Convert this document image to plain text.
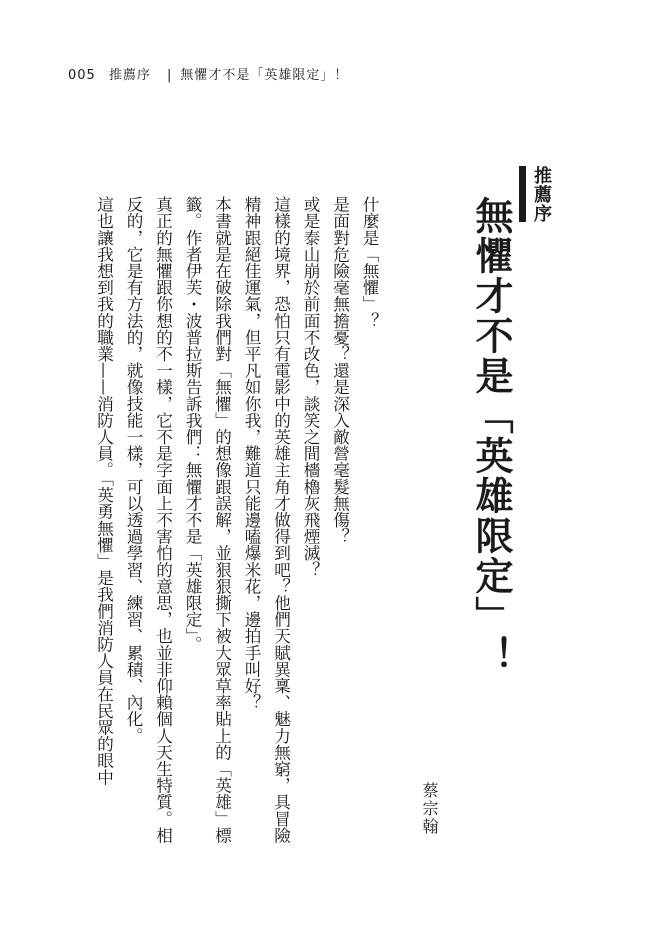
005 推薦序 | 無懼才不是「英雄限定」！
推薦序
無懼才不是「英雄限定」！

什麼是「無懼」？

是面對危險毫無擔憂？還是深入敵營毫髮無傷？

或是泰山崩於前面不改色，談笑之間檣櫓灰飛煙滅？

這樣的境界，恐怕只有電影中的英雄主角才做得到吧？他們天賦異稟、魅力無窮，具冒險精神跟絕佳運氣，但平凡如你我，難道只能邊嗑爆米花，邊拍手叫好？

本書就是在破除我們對「無懼」的想像跟誤解，並狠狠撕下被大眾草率貼上的「英雄」標籤。作者伊芙・波普拉斯告訴我們：無懼才不是「英雄限定」。

真正的無懼跟你想的不一樣，它不是字面上不害怕的意思，也並非仰賴個人天生特質。相反的，它是有方法的，就像技能一樣，可以透過學習、練習、累積、內化。

這也讓我想到我的職業——消防人員。「英勇無懼」是我們消防人員在民眾的眼中

蔡宗翰
